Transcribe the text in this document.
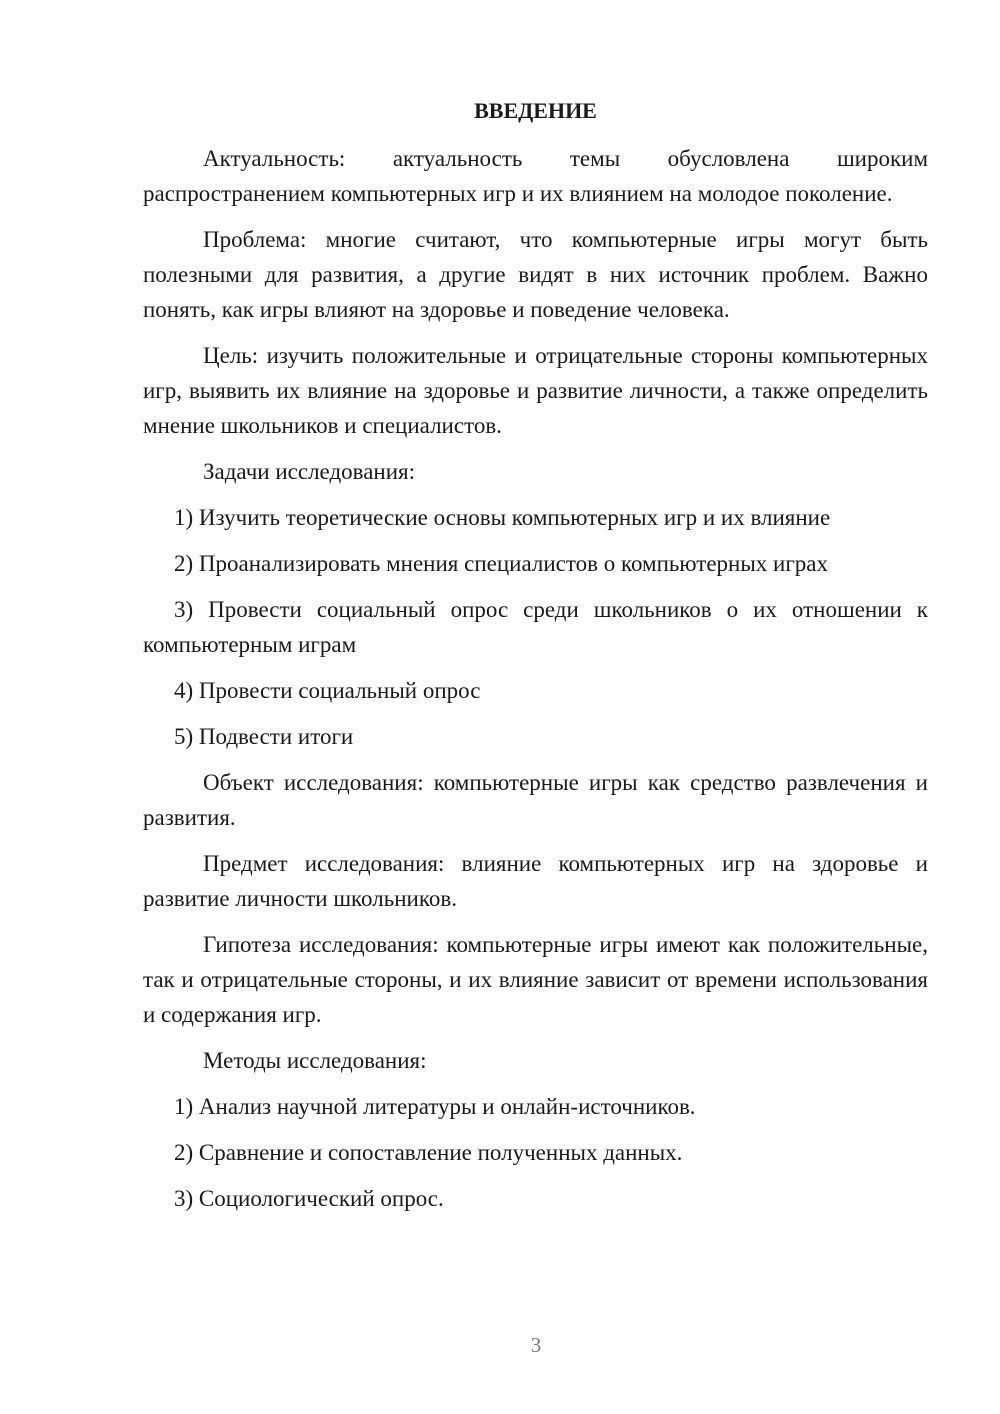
ВВЕДЕНИЕ

Актуальность: актуальность темы обусловлена широким распространением компьютерных игр и их влиянием на молодое поколение.

Проблема: многие считают, что компьютерные игры могут быть полезными для развития, а другие видят в них источник проблем. Важно понять, как игры влияют на здоровье и поведение человека.

Цель: изучить положительные и отрицательные стороны компьютерных игр, выявить их влияние на здоровье и развитие личности, а также определить мнение школьников и специалистов.

Задачи исследования:

1) Изучить теоретические основы компьютерных игр и их влияние

2) Проанализировать мнения специалистов о компьютерных играх

3) Провести социальный опрос среди школьников о их отношении к компьютерным играм

4) Провести социальный опрос

5) Подвести итоги

Объект исследования: компьютерные игры как средство развлечения и развития.

Предмет исследования: влияние компьютерных игр на здоровье и развитие личности школьников.

Гипотеза исследования: компьютерные игры имеют как положительные, так и отрицательные стороны, и их влияние зависит от времени использования и содержания игр.

Методы исследования:

1) Анализ научной литературы и онлайн-источников.

2) Сравнение и сопоставление полученных данных.

3) Социологический опрос.

3
